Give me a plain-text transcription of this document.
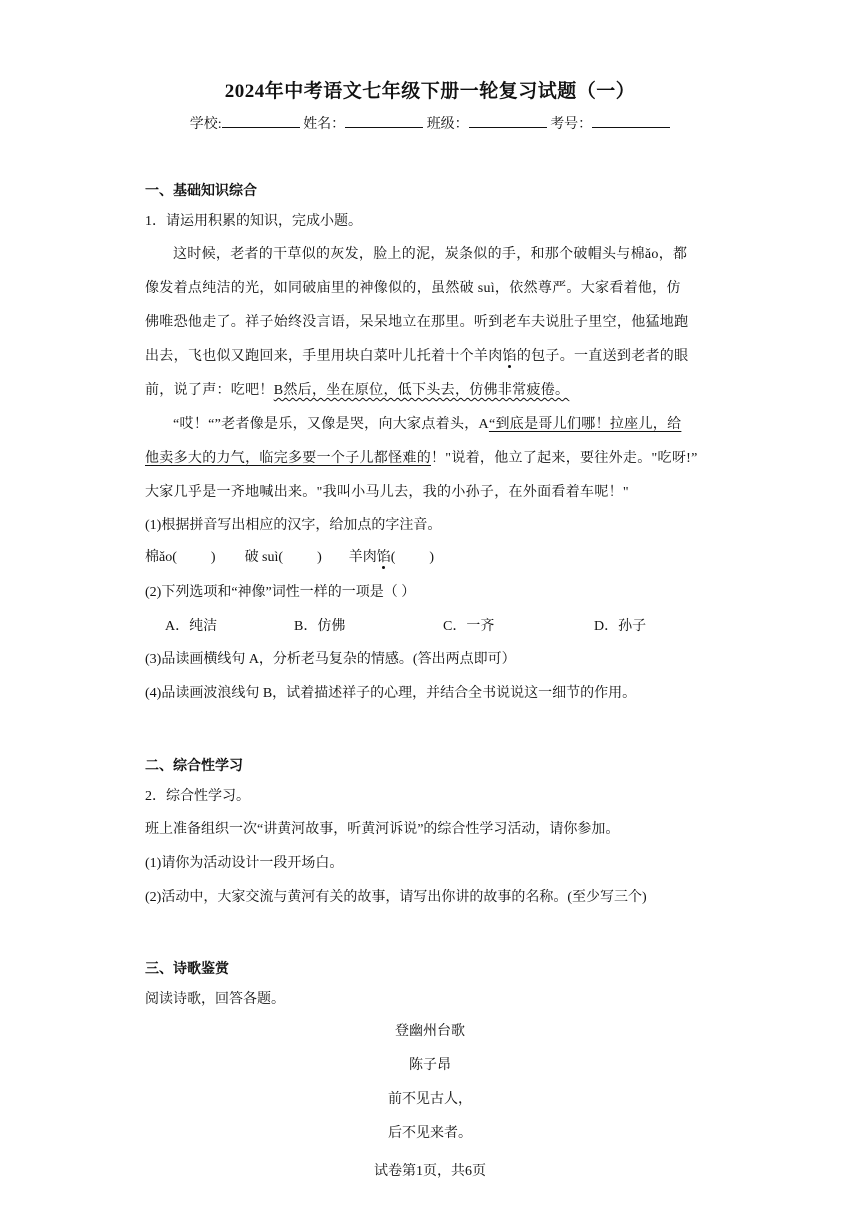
2024年中考语文七年级下册一轮复习试题（一）
学校:	姓名：	班级：	考号：
一、基础知识综合
1．请运用积累的知识，完成小题。
这时候，老者的干草似的灰发，脸上的泥，炭条似的手，和那个破帽头与棉ǎo，都
像发着点纯洁的光，如同破庙里的神像似的，虽然破 suì，依然尊严。大家看着他，仿
佛唯恐他走了。祥子始终没言语，呆呆地立在那里。听到老车夫说肚子里空，他猛地跑
出去，飞也似又跑回来，手里用块白菜叶儿托着十个羊肉馅的包子。一直送到老者的眼
前，说了声：吃吧！B然后，坐在原位，低下头去，仿佛非常疲倦。
“哎！“”老者像是乐，又像是哭，向大家点着头，A“到底是哥儿们哪！拉座儿，给
他卖多大的力气，临完多要一个子儿都怪难的！"说着，他立了起来，要往外走。"吃呀!”
大家几乎是一齐地喊出来。"我叫小马儿去，我的小孙子，在外面看着车呢！"
(1)根据拼音写出相应的汉字，给加点的字注音。
棉ǎo( ) 破 suì( ) 羊肉馅( )
(2)下列选项和“神像”词性一样的一项是（ ）
A．纯洁	B．仿佛	C．一齐	D．孙子
(3)品读画横线句 A，分析老马复杂的情感。(答出两点即可）
(4)品读画波浪线句 B，试着描述祥子的心理，并结合全书说说这一细节的作用。
二、综合性学习
2．综合性学习。
班上准备组织一次“讲黄河故事，听黄河诉说”的综合性学习活动，请你参加。
(1)请你为活动设计一段开场白。
(2)活动中，大家交流与黄河有关的故事，请写出你讲的故事的名称。(至少写三个)
三、诗歌鉴赏
阅读诗歌，回答各题。
登幽州台歌
陈子昂
前不见古人，
后不见来者。
试卷第1页，共6页
